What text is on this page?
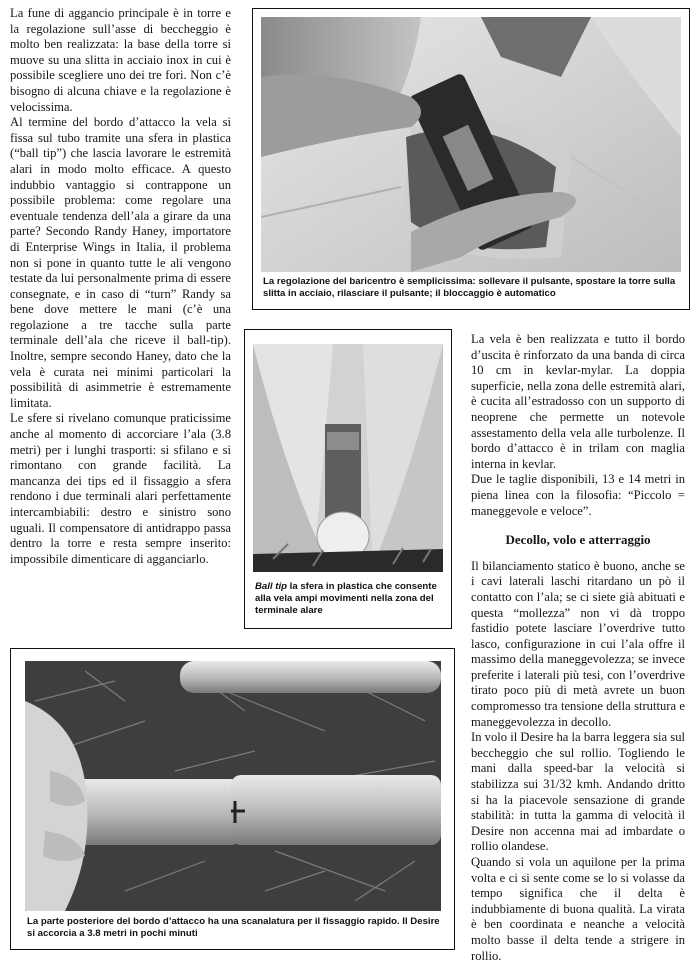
La fune di aggancio principale è in torre e la regolazione sull’asse di beccheggio è molto ben realizzata: la base della torre si muove su una slitta in acciaio inox in cui è possibile scegliere uno dei tre fori. Non c’è bisogno di alcuna chiave e la regolazione è velocissima.

Al termine del bordo d’attacco la vela si fissa sul tubo tramite una sfera in plastica (“ball tip”) che lascia lavorare le estremità alari in modo molto efficace. A questo indubbio vantaggio si contrappone un possibile problema: come regolare una eventuale tendenza dell’ala a girare da una parte? Secondo Randy Haney, importatore di Enterprise Wings in Italia, il problema non si pone in quanto tutte le ali vengono testate da lui personalmente prima di essere consegnate, e in caso di “turn” Randy sa bene dove mettere le mani (c’è una regolazione a tre tacche sulla parte terminale dell’ala che riceve il ball-tip). Inoltre, sempre secondo Haney, dato che la vela è curata nei minimi particolari la possibilità di asimmetrie è estremamente limitata.

Le sfere si rivelano comunque praticissime anche al momento di accorciare l’ala (3.8 metri) per i lunghi trasporti: si sfilano e si rimontano con grande facilità. La mancanza dei tips ed il fissaggio a sfera rendono i due terminali alari perfettamente intercambiabili: destro e sinistro sono uguali. Il compensatore di antidrappo passa dentro la torre e resta sempre inserito: impossibile dimenticare di agganciarlo.

La regolazione del baricentro è semplicissima: sollevare il pulsante, spostare la torre sulla slitta in acciaio, rilasciare il pulsante; il bloccaggio è automatico
Ball tip la sfera in plastica che consente alla vela ampi movimenti nella zona del terminale alare

La vela è ben realizzata e tutto il bordo d’uscita è rinforzato da una banda di circa 10 cm in kevlar-mylar. La doppia superficie, nella zona delle estremità alari, è cucita all’estradosso con un supporto di neoprene che permette un notevole assestamento della vela alle turbolenze. Il bordo d’attacco è in trilam con maglia interna in kevlar.

Due le taglie disponibili, 13 e 14 metri in piena linea con la filosofia: “Piccolo = maneggevole e veloce”.

Decollo, volo e atterraggio

Il bilanciamento statico è buono, anche se i cavi laterali laschi ritardano un pò il contatto con l’ala; se ci siete già abituati e questa “mollezza” non vi dà troppo fastidio potete lasciare l’overdrive tutto lasco, configurazione in cui l’ala offre il massimo della maneggevolezza; se invece preferite i laterali più tesi, con l’overdrive tirato poco più di metà avrete un buon compromesso tra tensione della struttura e maneggevolezza in decollo.

In volo il Desire ha la barra leggera sia sul beccheggio che sul rollio. Togliendo le mani dalla speed-bar la velocità si stabilizza sui 31/32 kmh. Andando dritto si ha la piacevole sensazione di grande stabilità: in tutta la gamma di velocità il Desire non accenna mai ad imbardate o rollio olandese.

Quando si vola un aquilone per la prima volta e ci si sente come se lo si volasse da tempo significa che il delta è indubbiamente di buona qualità. La virata è ben coordinata e neanche a velocità molto basse il delta tende a strigere in rollio.

La parte posteriore del bordo d’attacco ha una scanalatura per il fissaggio rapido. Il Desire si accorcia a 3.8 metri in pochi minuti
